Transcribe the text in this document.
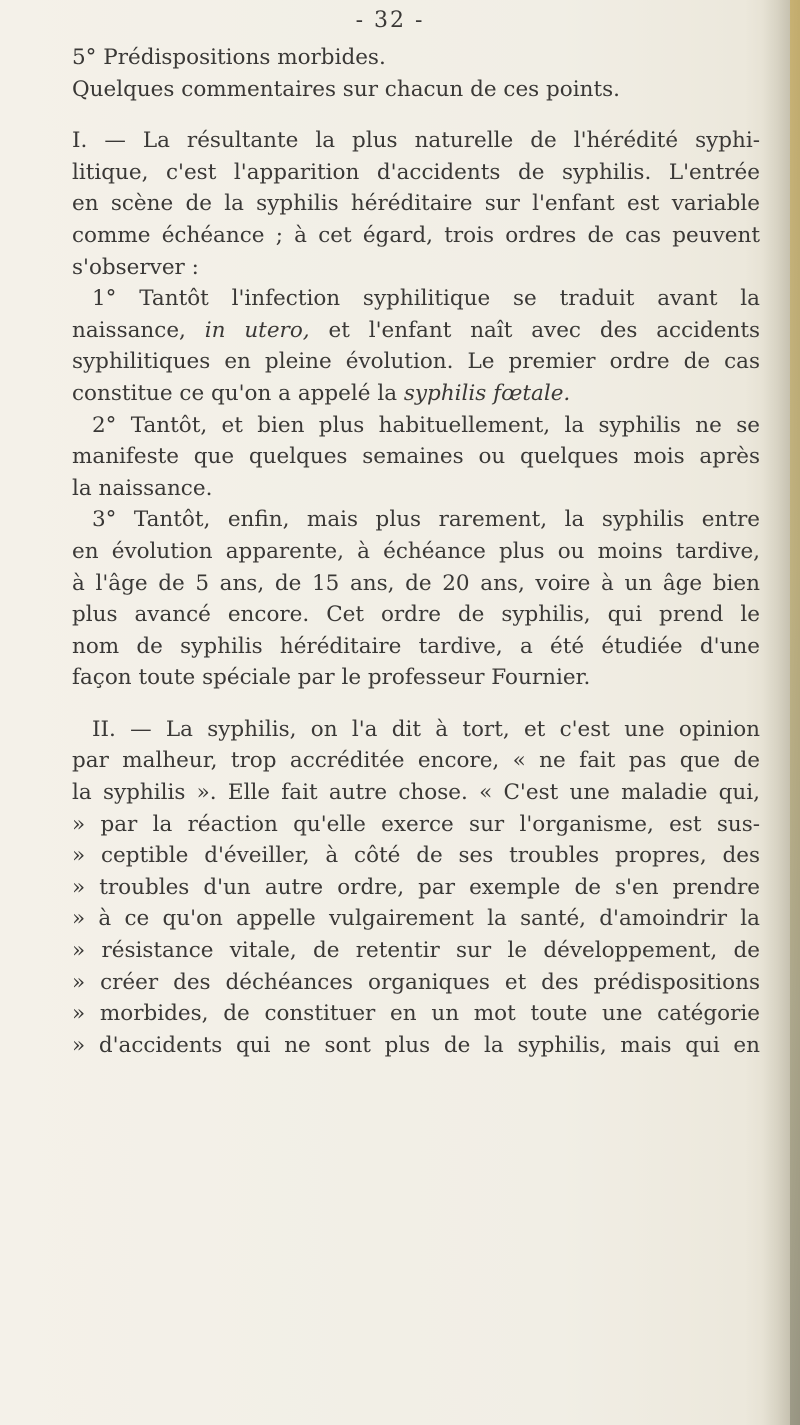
- 32 -
5° Prédispositions morbides.
Quelques commentaires sur chacun de ces points.
I. — La résultante la plus naturelle de l'hérédité syphi-
litique, c'est l'apparition d'accidents de syphilis. L'entrée
en scène de la syphilis héréditaire sur l'enfant est variable
comme échéance ; à cet égard, trois ordres de cas peuvent
s'observer :
1° Tantôt l'infection syphilitique se traduit avant la
naissance, in utero, et l'enfant naît avec des accidents
syphilitiques en pleine évolution. Le premier ordre de cas
constitue ce qu'on a appelé la syphilis fœtale.
2° Tantôt, et bien plus habituellement, la syphilis ne se
manifeste que quelques semaines ou quelques mois après
la naissance.
3° Tantôt, enfin, mais plus rarement, la syphilis entre
en évolution apparente, à échéance plus ou moins tardive,
à l'âge de 5 ans, de 15 ans, de 20 ans, voire à un âge bien
plus avancé encore. Cet ordre de syphilis, qui prend le
nom de syphilis héréditaire tardive, a été étudiée d'une
façon toute spéciale par le professeur Fournier.
II. — La syphilis, on l'a dit à tort, et c'est une opinion
par malheur, trop accréditée encore, « ne fait pas que de
la syphilis ». Elle fait autre chose. « C'est une maladie qui,
» par la réaction qu'elle exerce sur l'organisme, est sus-
» ceptible d'éveiller, à côté de ses troubles propres, des
» troubles d'un autre ordre, par exemple de s'en prendre
» à ce qu'on appelle vulgairement la santé, d'amoindrir la
» résistance vitale, de retentir sur le développement, de
» créer des déchéances organiques et des prédispositions
» morbides, de constituer en un mot toute une catégorie
» d'accidents qui ne sont plus de la syphilis, mais qui en
